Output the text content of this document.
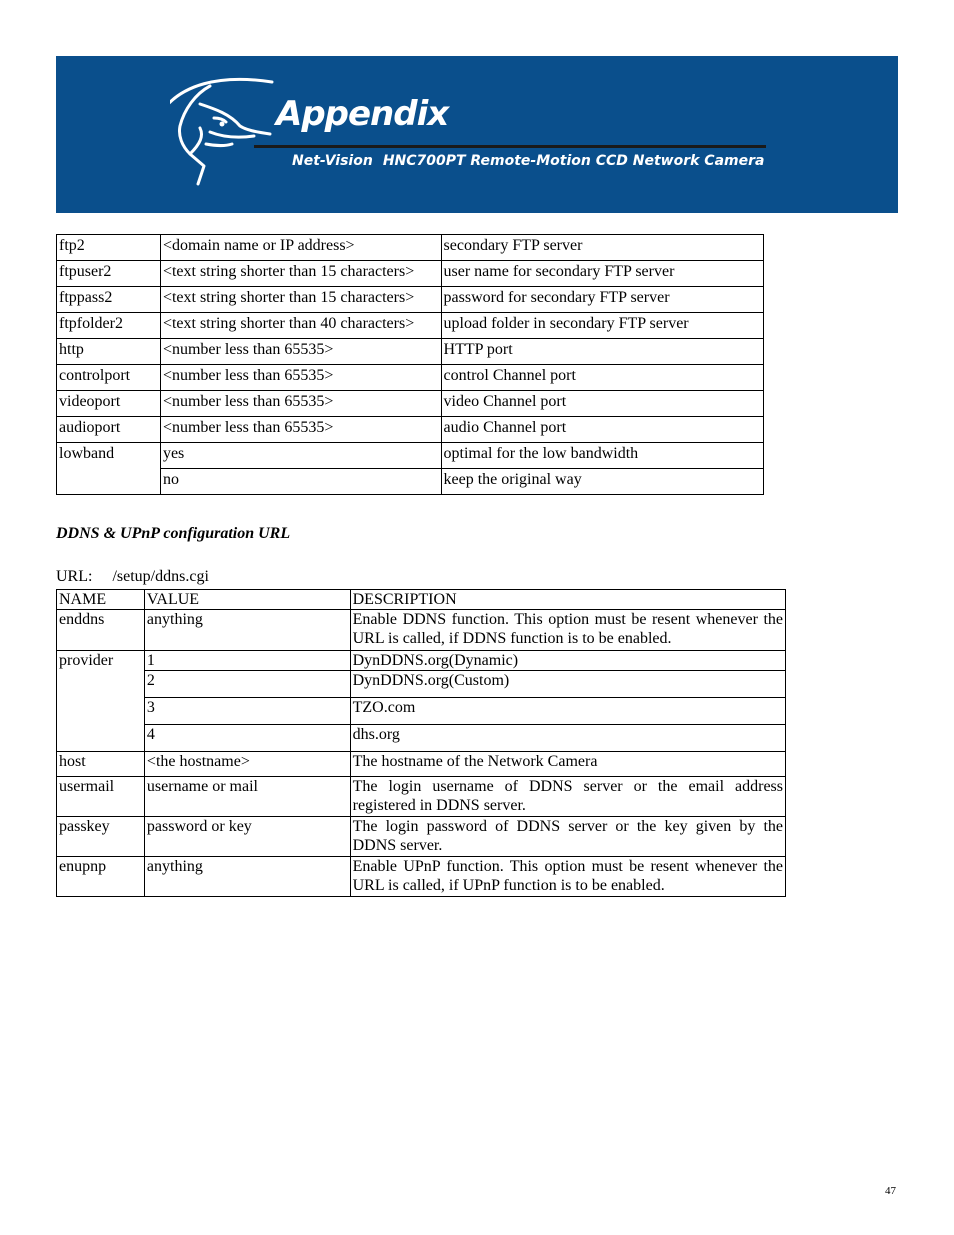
Appendix
Net-Vision HNC700PT Remote-Motion CCD Network Camera
ftp2	<domain name or IP address>	secondary FTP server
ftpuser2	<text string shorter than 15 characters>	user name for secondary FTP server
ftppass2	<text string shorter than 15 characters>	password for secondary FTP server
ftpfolder2	<text string shorter than 40 characters>	upload folder in secondary FTP server
http	<number less than 65535>	HTTP port
controlport	<number less than 65535>	control Channel port
videoport	<number less than 65535>	video Channel port
audioport	<number less than 65535>	audio Channel port
lowband	yes	optimal for the low bandwidth
	no	keep the original way
DDNS & UPnP configuration URL
URL: /setup/ddns.cgi
NAME	VALUE	DESCRIPTION
enddns	anything	Enable DDNS function. This option must be resent whenever the URL is called, if DDNS function is to be enabled.
provider	1	DynDDNS.org(Dynamic)
	2	DynDDNS.org(Custom)
	3	TZO.com
	4	dhs.org
host	<the hostname>	The hostname of the Network Camera
usermail	username or mail	The login username of DDNS server or the email address registered in DDNS server.
passkey	password or key	The login password of DDNS server or the key given by the DDNS server.
enupnp	anything	Enable UPnP function. This option must be resent whenever the URL is called, if UPnP function is to be enabled.
47
